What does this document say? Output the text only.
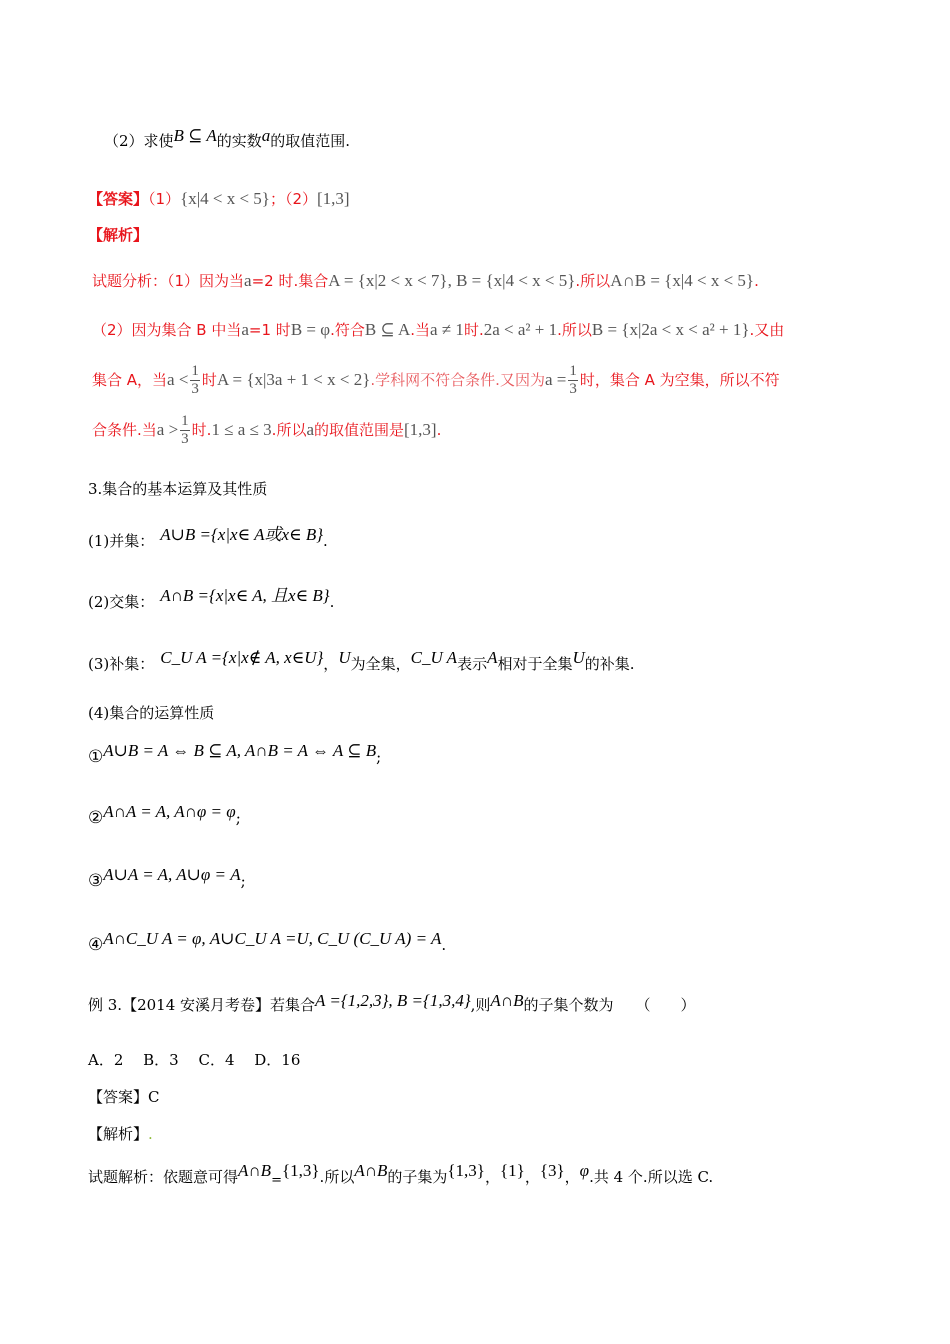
（2）求使B ⊆ A的实数a的取值范围.
【答案】（1）{x|4 < x < 5}；（2）[1,3]
【解析】
试题分析：（1）因为当a=2 时.集合A = {x|2 < x < 7}, B = {x|4 < x < 5}.所以A∩B = {x|4 < x < 5}.
（2）因为集合 B 中当a=1 时B = φ.符合B ⊆ A.当a ≠ 1时.2a < a² + 1.所以B = {x|2a < x < a² + 1}.又由
集合 A，当$a < \frac{1}{3}$ 时A = {x|3a + 1 < x < 2}.学科网不符合条件.又因为$a = \frac{1}{3}$ 时，集合 A 为空集，所以不符
合条件.当$a > \frac{1}{3}$ 时.1 ≤ a ≤ 3.所以a的取值范围是[1,3].
3.集合的基本运算及其性质
(1)并集： A∪B ={x|x∈ A或x∈ B}.
(2)交集： A∩B ={x|x∈ A, 且x∈ B}.
(3)补集： C_U A ={x|x∉ A, x∈U}，U为全集，C_U A表示A相对于全集U的补集.
(4)集合的运算性质
①A∪B = A ⇔ B ⊆ A, A∩B = A ⇔ A ⊆ B;
②A∩A = A, A∩φ = φ;
③A∪A = A, A∪φ = A;
④A∩C_U A = φ, A∪C_U A =U, C_U (C_U A) = A.
例 3.【2014 安溪月考卷】若集合A ={1,2,3}, B ={1,3,4},则A∩B的子集个数为 （　　）
A．2　 B．3　 C．4　 D．16
【答案】C
【解析】.
试题解析：依题意可得A∩B={1,3}.所以A∩B的子集为{1,3}，{1}，{3}，φ.共 4 个.所以选 C.
